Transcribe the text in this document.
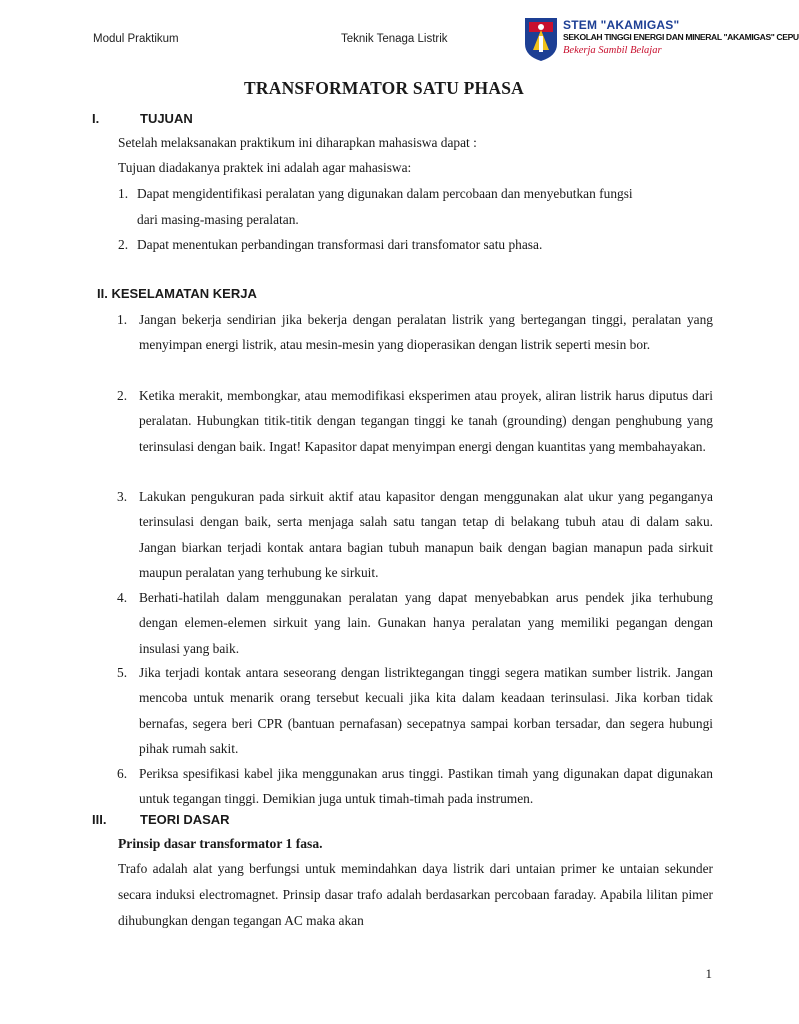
Modul Praktikum	Teknik Tenaga Listrik
STEM "AKAMIGAS"
SEKOLAH TINGGI ENERGI DAN MINERAL "AKAMIGAS" CEPU
Bekerja Sambil Belajar
TRANSFORMATOR SATU PHASA
I.	TUJUAN
Setelah melaksanakan praktikum ini diharapkan mahasiswa dapat :
Tujuan diadakanya praktek ini adalah agar mahasiswa:
1. Dapat mengidentifikasi peralatan yang digunakan dalam percobaan dan menyebutkan fungsi
dari masing-masing peralatan.
2. Dapat menentukan perbandingan transformasi dari transfomator satu phasa.
II. KESELAMATAN KERJA
1. Jangan bekerja sendirian jika bekerja dengan peralatan listrik yang bertegangan tinggi, peralatan yang menyimpan energi listrik, atau mesin-mesin yang dioperasikan dengan listrik seperti mesin bor.
2. Ketika merakit, membongkar, atau memodifikasi eksperimen atau proyek, aliran listrik harus diputus dari peralatan. Hubungkan titik-titik dengan tegangan tinggi ke tanah (grounding) dengan penghubung yang terinsulasi dengan baik. Ingat! Kapasitor dapat menyimpan energi dengan kuantitas yang membahayakan.
3. Lakukan pengukuran pada sirkuit aktif atau kapasitor dengan menggunakan alat ukur yang peganganya terinsulasi dengan baik, serta menjaga salah satu tangan tetap di belakang tubuh atau di dalam saku. Jangan biarkan terjadi kontak antara bagian tubuh manapun baik dengan bagian manapun pada sirkuit maupun peralatan yang terhubung ke sirkuit.
4. Berhati-hatilah dalam menggunakan peralatan yang dapat menyebabkan arus pendek jika terhubung dengan elemen-elemen sirkuit yang lain. Gunakan hanya peralatan yang memiliki pegangan dengan insulasi yang baik.
5. Jika terjadi kontak antara seseorang dengan listriktegangan tinggi segera matikan sumber listrik. Jangan mencoba untuk menarik orang tersebut kecuali jika kita dalam keadaan terinsulasi. Jika korban tidak bernafas, segera beri CPR (bantuan pernafasan) secepatnya sampai korban tersadar, dan segera hubungi pihak rumah sakit.
6. Periksa spesifikasi kabel jika menggunakan arus tinggi. Pastikan timah yang digunakan dapat digunakan untuk tegangan tinggi. Demikian juga untuk timah-timah pada instrumen.
III.	TEORI DASAR
Prinsip dasar transformator 1 fasa.
Trafo adalah alat yang berfungsi untuk memindahkan daya listrik dari untaian primer ke untaian sekunder secara induksi electromagnet. Prinsip dasar trafo adalah berdasarkan percobaan faraday. Apabila lilitan pimer dihubungkan dengan tegangan AC maka akan
1
